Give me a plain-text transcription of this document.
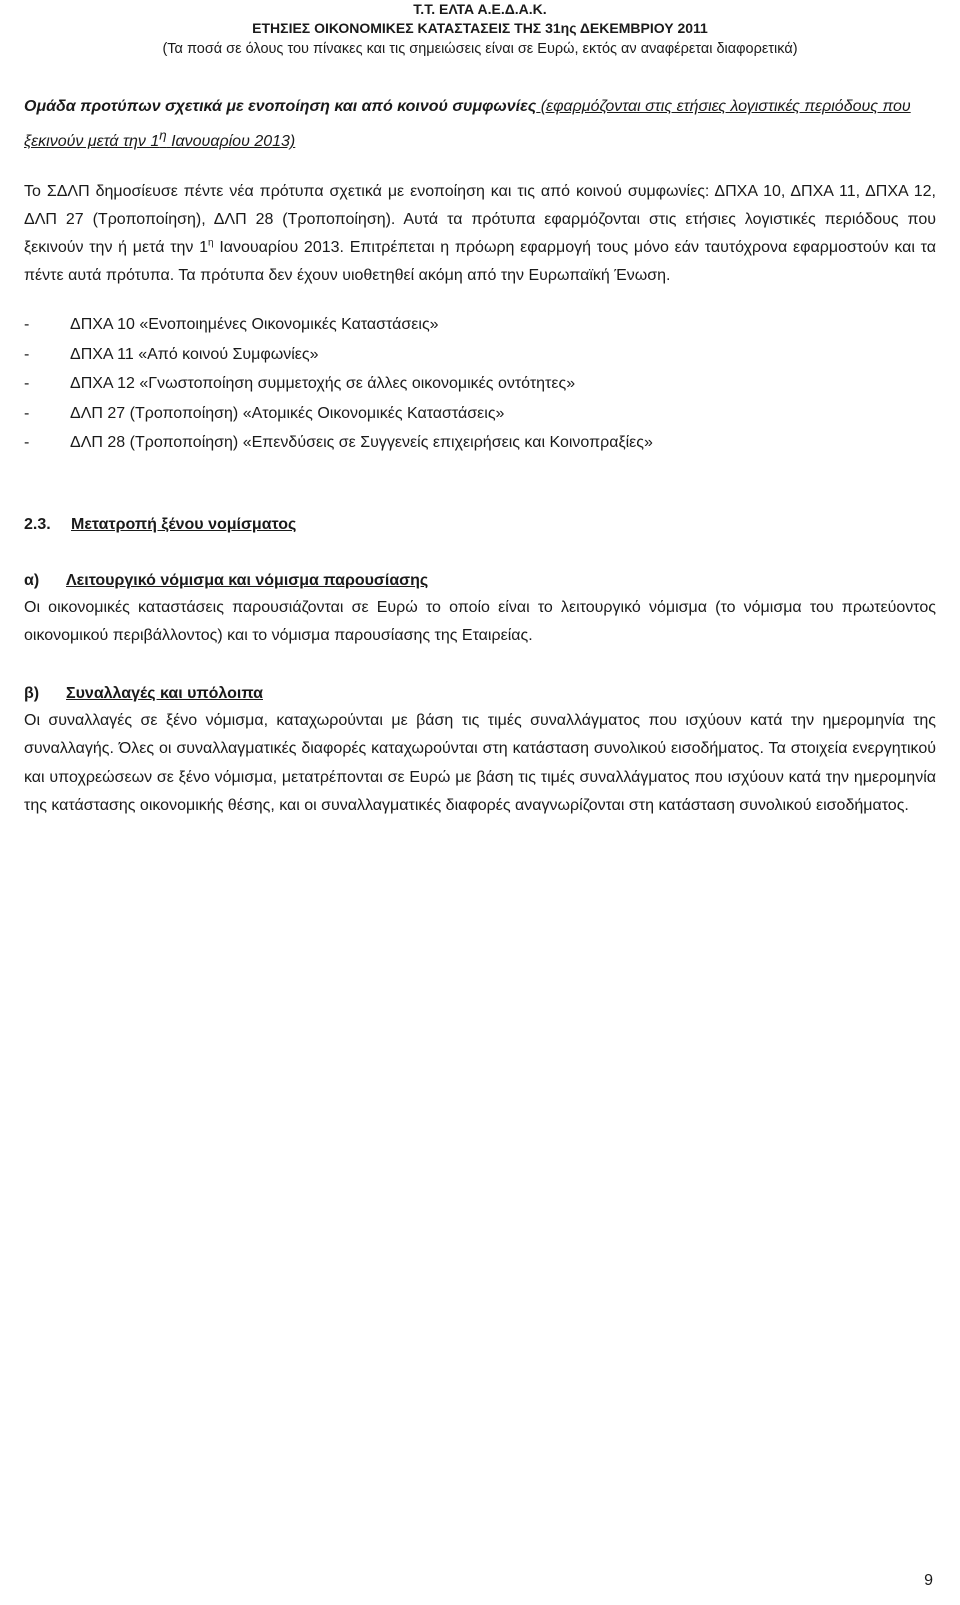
Τ.Τ. ΕΛΤΑ Α.Ε.Δ.Α.Κ.
ΕΤΗΣΙΕΣ ΟΙΚΟΝΟΜΙΚΕΣ ΚΑΤΑΣΤΑΣΕΙΣ ΤΗΣ 31ης ΔΕΚΕΜΒΡΙΟΥ 2011
(Τα ποσά σε όλους του πίνακες και τις σημειώσεις είναι σε Ευρώ, εκτός αν αναφέρεται διαφορετικά)
Ομάδα προτύπων σχετικά με ενοποίηση και από κοινού συμφωνίες (εφαρμόζονται στις ετήσιες λογιστικές περιόδους που ξεκινούν μετά την $1^\eta$ Ιανουαρίου 2013)
Το ΣΔΛΠ δημοσίευσε πέντε νέα πρότυπα σχετικά με ενοποίηση και τις από κοινού συμφωνίες: ΔΠΧΑ 10, ΔΠΧΑ 11, ΔΠΧΑ 12, ΔΛΠ 27 (Τροποποίηση), ΔΛΠ 28 (Τροποποίηση). Αυτά τα πρότυπα εφαρμόζονται στις ετήσιες λογιστικές περιόδους που ξεκινούν την ή μετά την $1^\eta$ Ιανουαρίου 2013. Επιτρέπεται η πρόωρη εφαρμογή τους μόνο εάν ταυτόχρονα εφαρμοστούν και τα πέντε αυτά πρότυπα. Τα πρότυπα δεν έχουν υιοθετηθεί ακόμη από την Ευρωπαϊκή Ένωση.
-	ΔΠΧΑ 10 «Ενοποιημένες Οικονομικές Καταστάσεις»
-	ΔΠΧΑ 11 «Από κοινού Συμφωνίες»
-	ΔΠΧΑ 12 «Γνωστοποίηση συμμετοχής σε άλλες οικονομικές οντότητες»
-	ΔΛΠ 27 (Τροποποίηση) «Ατομικές Οικονομικές Καταστάσεις»
-	ΔΛΠ 28 (Τροποποίηση) «Επενδύσεις σε Συγγενείς επιχειρήσεις και Κοινοπραξίες»
2.3.	Μετατροπή ξένου νομίσματος
α) Λειτουργικό νόμισμα και νόμισμα παρουσίασης
Οι οικονομικές καταστάσεις παρουσιάζονται σε Ευρώ το οποίο είναι το λειτουργικό νόμισμα (το νόμισμα του πρωτεύοντος οικονομικού περιβάλλοντος) και το νόμισμα παρουσίασης της Εταιρείας.
β) Συναλλαγές και υπόλοιπα
Οι συναλλαγές σε ξένο νόμισμα, καταχωρούνται με βάση τις τιμές συναλλάγματος που ισχύουν κατά την ημερομηνία της συναλλαγής. Όλες οι συναλλαγματικές διαφορές καταχωρούνται στη κατάσταση συνολικού εισοδήματος. Τα στοιχεία ενεργητικού και υποχρεώσεων σε ξένο νόμισμα, μετατρέπονται σε Ευρώ με βάση τις τιμές συναλλάγματος που ισχύουν κατά την ημερομηνία της κατάστασης οικονομικής θέσης, και οι συναλλαγματικές διαφορές αναγνωρίζονται στη κατάσταση συνολικού εισοδήματος.
9
